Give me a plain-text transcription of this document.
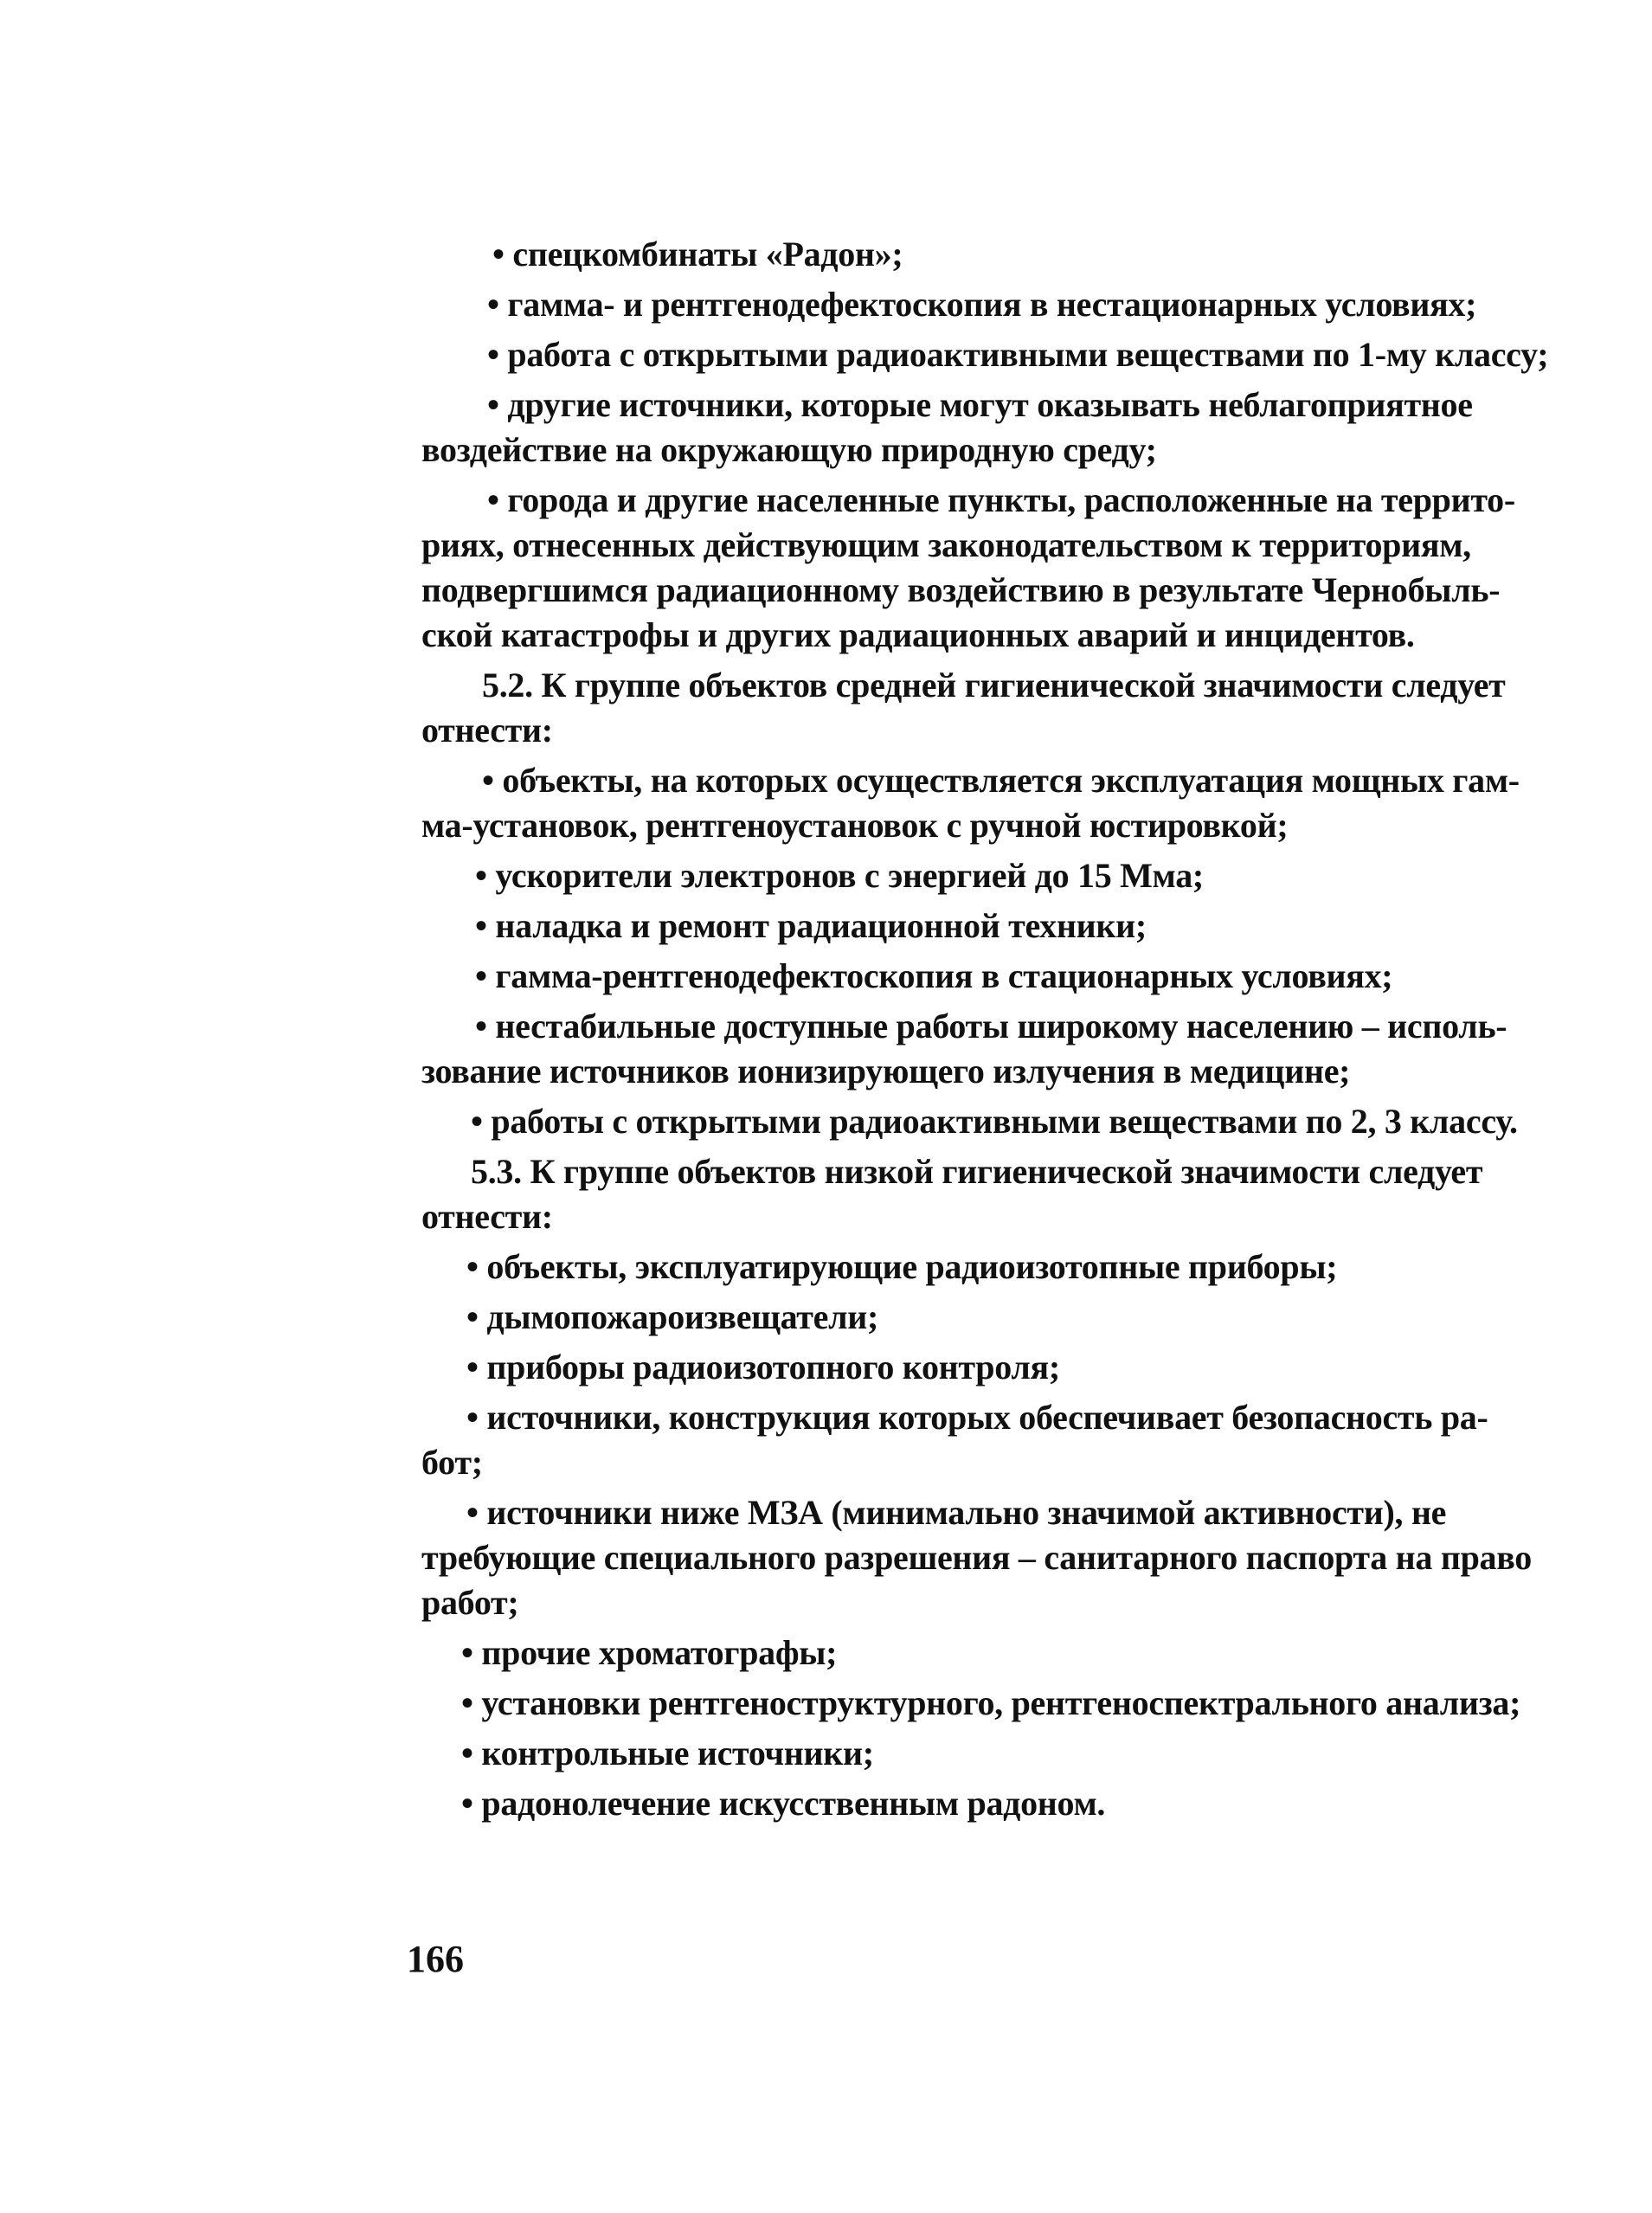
• спецкомбинаты «Радон»;
• гамма- и рентгенодефектоскопия в нестационарных условиях;
• работа с открытыми радиоактивными веществами по 1-му классу;
• другие источники, которые могут оказывать неблагоприятное
воздействие на окружающую природную среду;
• города и другие населенные пункты, расположенные на террито-
риях, отнесенных действующим законодательством к территориям,
подвергшимся радиационному воздействию в результате Чернобыль-
ской катастрофы и других радиационных аварий и инцидентов.
5.2. К группе объектов средней гигиенической значимости следует
отнести:
• объекты, на которых осуществляется эксплуатация мощных гам-
ма-установок, рентгеноустановок с ручной юстировкой;
• ускорители электронов с энергией до 15 Мма;
• наладка и ремонт радиационной техники;
• гамма-рентгенодефектоскопия в стационарных условиях;
• нестабильные доступные работы широкому населению – исполь-
зование источников ионизирующего излучения в медицине;
• работы с открытыми радиоактивными веществами по 2, 3 классу.
5.3. К группе объектов низкой гигиенической значимости следует
отнести:
• объекты, эксплуатирующие радиоизотопные приборы;
• дымопожароизвещатели;
• приборы радиоизотопного контроля;
• источники, конструкция которых обеспечивает безопасность ра-
бот;
• источники ниже МЗА (минимально значимой активности), не
требующие специального разрешения – санитарного паспорта на право
работ;
• прочие хроматографы;
• установки рентгеноструктурного, рентгеноспектрального анализа;
• контрольные источники;
• радонолечение искусственным радоном.
166
